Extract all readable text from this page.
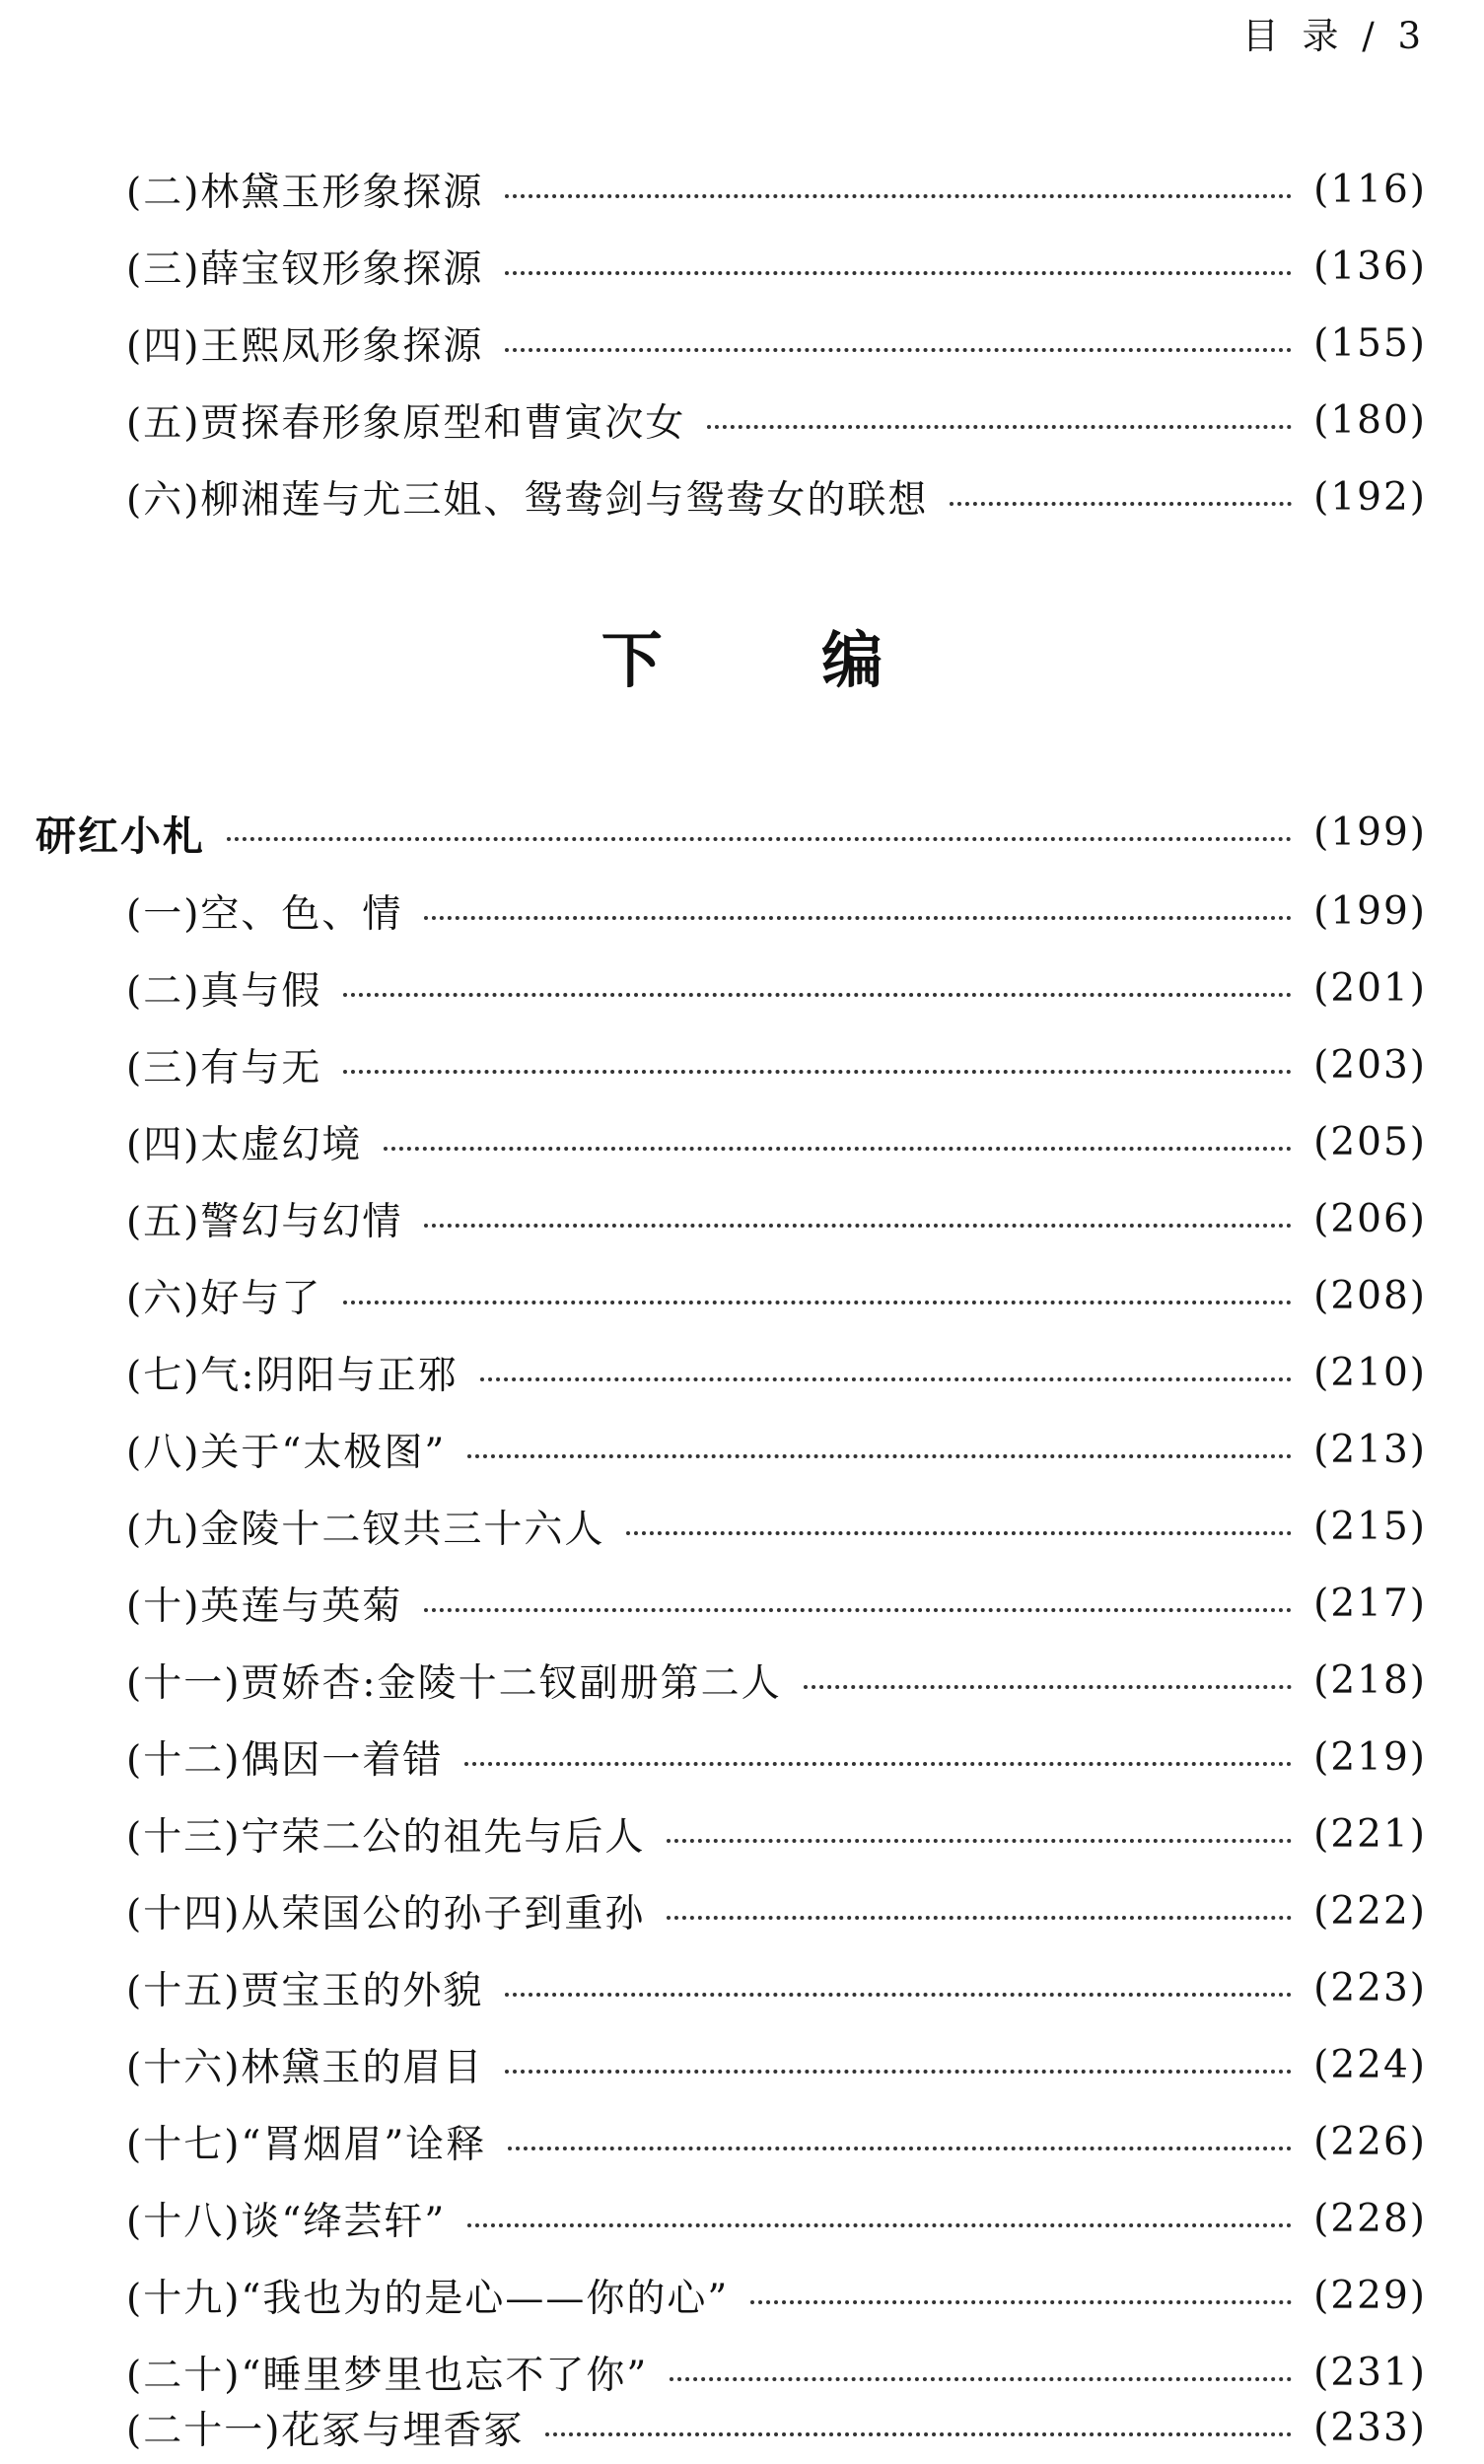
目 录 / 3
(二)林黛玉形象探源	(116)
(三)薛宝钗形象探源	(136)
(四)王熙凤形象探源	(155)
(五)贾探春形象原型和曹寅次女	(180)
(六)柳湘莲与尤三姐、鸳鸯剑与鸳鸯女的联想	(192)
下 编
研红小札	(199)
(一)空、色、情	(199)
(二)真与假	(201)
(三)有与无	(203)
(四)太虚幻境	(205)
(五)警幻与幻情	(206)
(六)好与了	(208)
(七)气:阴阳与正邪	(210)
(八)关于“太极图”	(213)
(九)金陵十二钗共三十六人	(215)
(十)英莲与英菊	(217)
(十一)贾娇杏:金陵十二钗副册第二人	(218)
(十二)偶因一着错	(219)
(十三)宁荣二公的祖先与后人	(221)
(十四)从荣国公的孙子到重孙	(222)
(十五)贾宝玉的外貌	(223)
(十六)林黛玉的眉目	(224)
(十七)“罥烟眉”诠释	(226)
(十八)谈“绛芸轩”	(228)
(十九)“我也为的是心——你的心”	(229)
(二十)“睡里梦里也忘不了你”	(231)
(二十一)花冢与埋香冢	(233)
